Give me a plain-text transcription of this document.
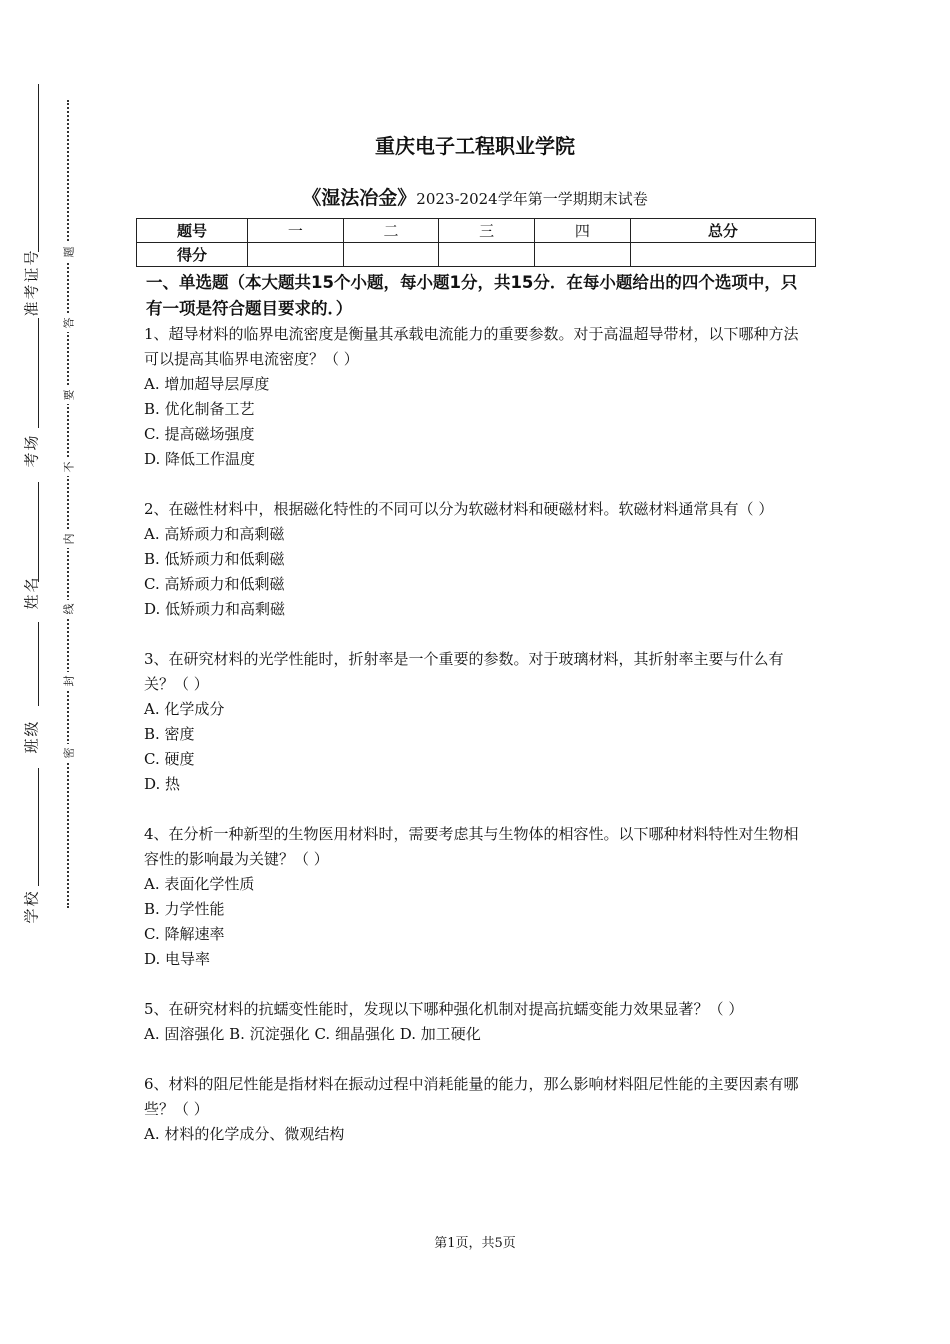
准考证号
考场
姓名
班级
学校
题
答
要
不
内
线
封
密
重庆电子工程职业学院
《湿法冶金》2023-2024学年第一学期期末试卷
题号	一	二	三	四	总分
得分					
一、单选题（本大题共15个小题，每小题1分，共15分．在每小题给出的四个选项中，只有一项是符合题目要求的．）
1、超导材料的临界电流密度是衡量其承载电流能力的重要参数。对于高温超导带材，以下哪种方法可以提高其临界电流密度？（ ）
A. 增加超导层厚度
B. 优化制备工艺
C. 提高磁场强度
D. 降低工作温度
2、在磁性材料中，根据磁化特性的不同可以分为软磁材料和硬磁材料。软磁材料通常具有（ ）
A. 高矫顽力和高剩磁
B. 低矫顽力和低剩磁
C. 高矫顽力和低剩磁
D. 低矫顽力和高剩磁
3、在研究材料的光学性能时，折射率是一个重要的参数。对于玻璃材料，其折射率主要与什么有关？（ ）
A. 化学成分
B. 密度
C. 硬度
D. 热
4、在分析一种新型的生物医用材料时，需要考虑其与生物体的相容性。以下哪种材料特性对生物相容性的影响最为关键？（ ）
A. 表面化学性质
B. 力学性能
C. 降解速率
D. 电导率
5、在研究材料的抗蠕变性能时，发现以下哪种强化机制对提高抗蠕变能力效果显著？（ ）
A. 固溶强化 B. 沉淀强化 C. 细晶强化 D. 加工硬化
6、材料的阻尼性能是指材料在振动过程中消耗能量的能力，那么影响材料阻尼性能的主要因素有哪些？（ ）
A. 材料的化学成分、微观结构
第1页，共5页
